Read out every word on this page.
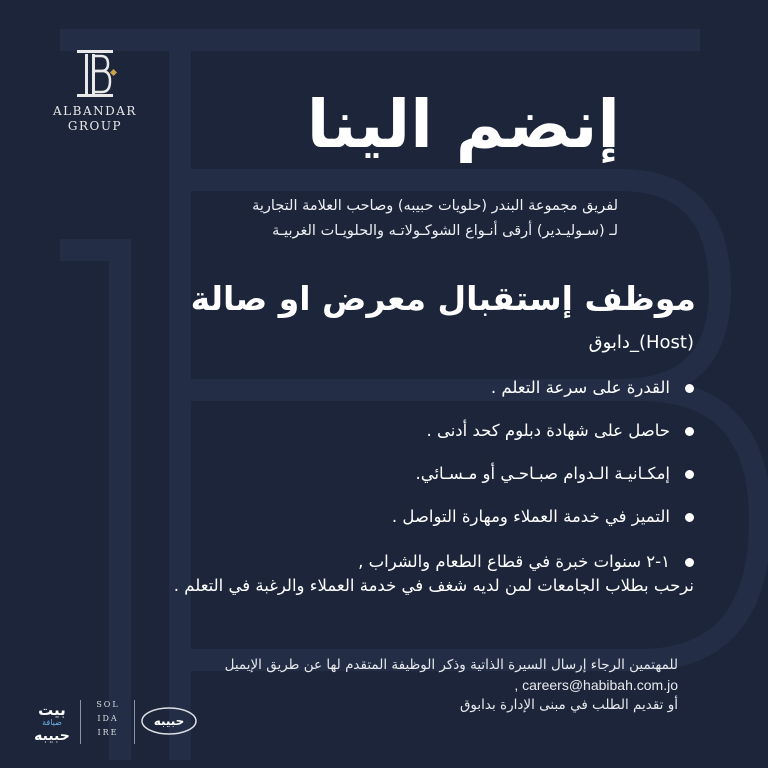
ALBANDAR
GROUP	إنضم الينا
لفريق مجموعة البندر (حلويات حبيبه) وصاحب العلامة التجارية
لـ (سـوليـدير) أرقى أنـواع الشوكـولاتـه والحلويـات الغربيـة
موظف إستقبال معرض او صالة
(Host)_دابوق
القدرة على سرعة التعلم .
حاصل على شهادة دبلوم كحد أدنى .
إمكـانيـة الـدوام صبـاحـي أو مـسـائي.
التميز في خدمة العملاء ومهارة التواصل .
١-٢ سنوات خبرة في قطاع الطعام والشراب ,
نرحب بطلاب الجامعات لمن لديه شغف في خدمة العملاء والرغبة في التعلم .
للمهتمين الرجاء إرسال السيرة الذاتية وذكر الوظيفة المتقدم لها عن طريق الإيميل
careers@habibah.com.jo ,
أو تقديم الطلب في مبنى الإدارة بدابوق
بيت
ضيافة
حبيبه
SOL
IDA
IRE
حبيبه
